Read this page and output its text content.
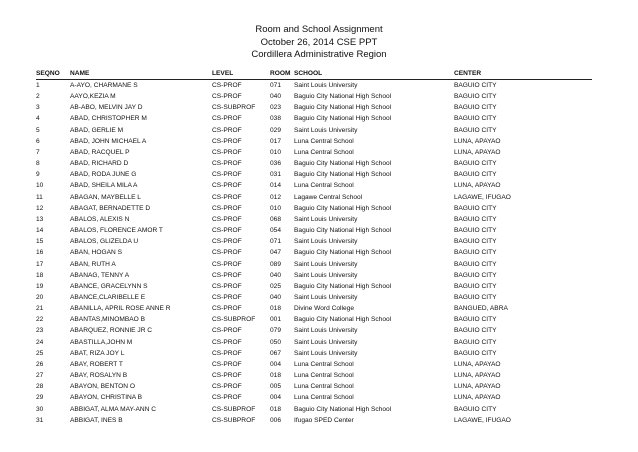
Room and School Assignment
October 26, 2014 CSE PPT
Cordillera Administrative Region
SEQNO	NAME	LEVEL	ROOM	SCHOOL	CENTER
1	A-AYO, CHARMANE S	CS-PROF	071	Saint Louis University	BAGUIO CITY
2	AAYO,KEZIA M	CS-PROF	040	Baguio City National High School	BAGUIO CITY
3	AB-ABO, MELVIN JAY D	CS-SUBPROF	023	Baguio City National High School	BAGUIO CITY
4	ABAD, CHRISTOPHER M	CS-PROF	038	Baguio City National High School	BAGUIO CITY
5	ABAD, GERLIE M	CS-PROF	029	Saint Louis University	BAGUIO CITY
6	ABAD, JOHN MICHAEL A	CS-PROF	017	Luna Central School	LUNA, APAYAO
7	ABAD, RACQUEL P	CS-PROF	010	Luna Central School	LUNA, APAYAO
8	ABAD, RICHARD D	CS-PROF	036	Baguio City National High School	BAGUIO CITY
9	ABAD, RODA JUNE G	CS-PROF	031	Baguio City National High School	BAGUIO CITY
10	ABAD, SHEILA MILA A	CS-PROF	014	Luna Central School	LUNA, APAYAO
11	ABAGAN, MAYBELLE L	CS-PROF	012	Lagawe Central School	LAGAWE, IFUGAO
12	ABAGAT, BERNADETTE D	CS-PROF	010	Baguio City National High School	BAGUIO CITY
13	ABALOS, ALEXIS N	CS-PROF	068	Saint Louis University	BAGUIO CITY
14	ABALOS, FLORENCE AMOR T	CS-PROF	054	Baguio City National High School	BAGUIO CITY
15	ABALOS, GLIZELDA U	CS-PROF	071	Saint Louis University	BAGUIO CITY
16	ABAN, HOGAN S	CS-PROF	047	Baguio City National High School	BAGUIO CITY
17	ABAN, RUTH A	CS-PROF	089	Saint Louis University	BAGUIO CITY
18	ABANAG, TENNY A	CS-PROF	040	Saint Louis University	BAGUIO CITY
19	ABANCE, GRACELYNN S	CS-PROF	025	Baguio City National High School	BAGUIO CITY
20	ABANCE,CLARIBELLE E	CS-PROF	040	Saint Louis University	BAGUIO CITY
21	ABANILLA, APRIL ROSE ANNE R	CS-PROF	018	Divine Word College	BANGUED, ABRA
22	ABANTAS,MINOMBAO B	CS-SUBPROF	001	Baguio City National High School	BAGUIO CITY
23	ABARQUEZ, RONNIE JR C	CS-PROF	079	Saint Louis University	BAGUIO CITY
24	ABASTILLA,JOHN M	CS-PROF	050	Saint Louis University	BAGUIO CITY
25	ABAT, RIZA JOY L	CS-PROF	067	Saint Louis University	BAGUIO CITY
26	ABAY, ROBERT T	CS-PROF	004	Luna Central School	LUNA, APAYAO
27	ABAY, ROSALYN B	CS-PROF	018	Luna Central School	LUNA, APAYAO
28	ABAYON, BENTON O	CS-PROF	005	Luna Central School	LUNA, APAYAO
29	ABAYON, CHRISTINA B	CS-PROF	004	Luna Central School	LUNA, APAYAO
30	ABBIGAT, ALMA MAY-ANN C	CS-SUBPROF	018	Baguio City National High School	BAGUIO CITY
31	ABBIGAT, INES B	CS-SUBPROF	006	Ifugao SPED Center	LAGAWE, IFUGAO
